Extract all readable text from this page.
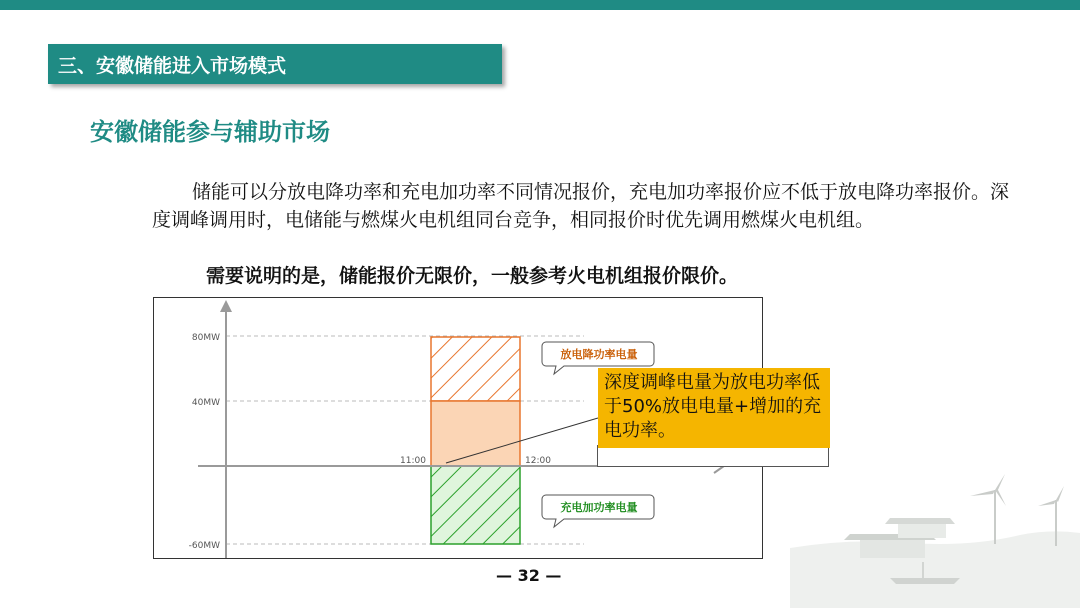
三、安徽储能进入市场模式
安徽储能参与辅助市场
储能可以分放电降功率和充电加功率不同情况报价，充电加功率报价应不低于放电降功率报价。深度调峰调用时，电储能与燃煤火电机组同台竞争，相同报价时优先调用燃煤火电机组。
需要说明的是，储能报价无限价，一般参考火电机组报价限价。
80MW
40MW
-60MW
11:00	12:00
放电降功率电量
充电加功率电量
深度调峰电量为放电功率低于50%放电电量+增加的充电功率。
— 32 —
